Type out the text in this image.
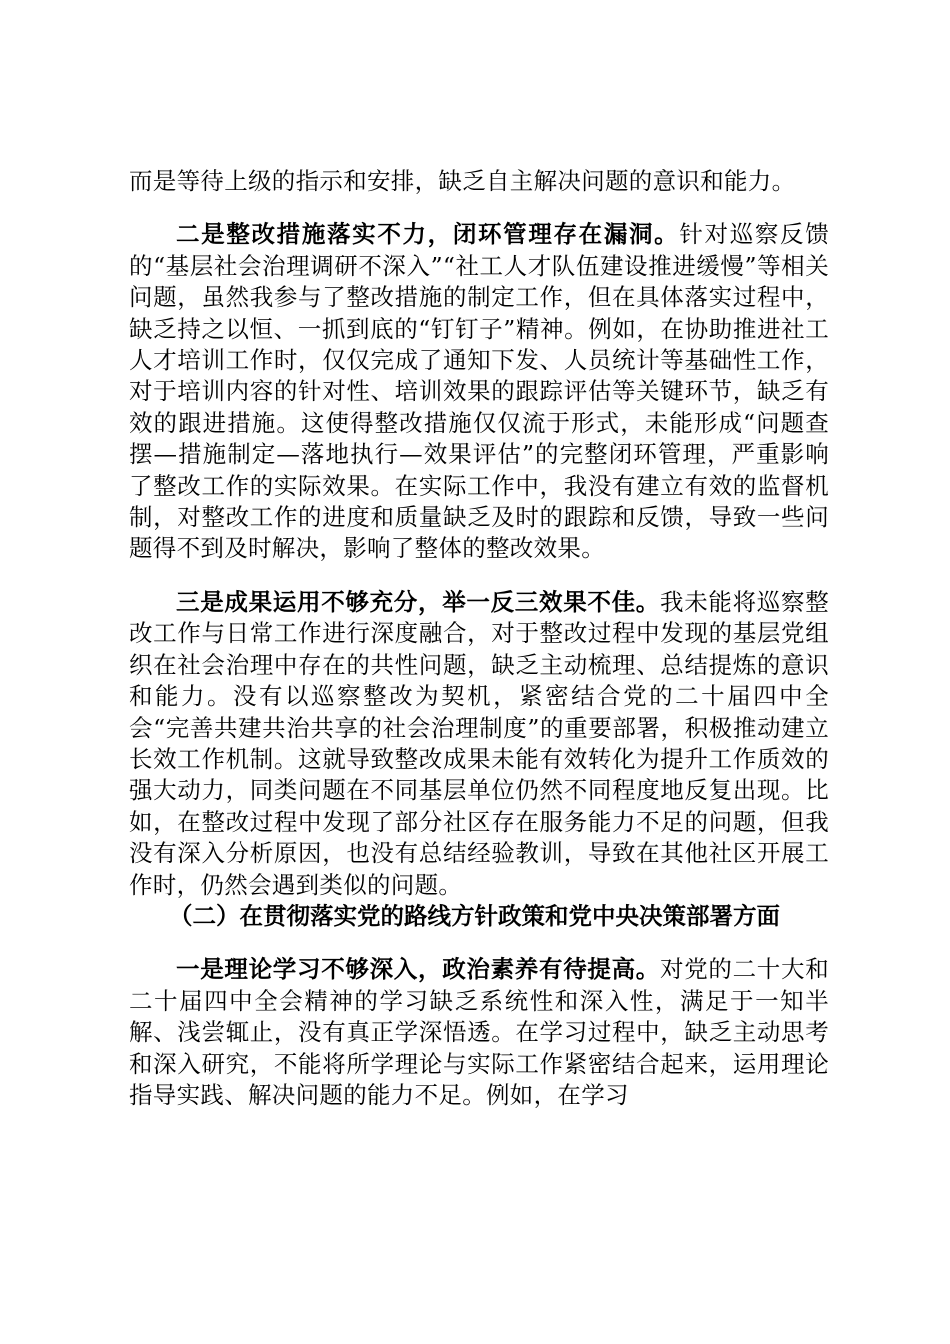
而是等待上级的指示和安排，缺乏自主解决问题的意识和能力。

二是整改措施落实不力，闭环管理存在漏洞。针对巡察反馈的“基层社会治理调研不深入”“社工人才队伍建设推进缓慢”等相关问题，虽然我参与了整改措施的制定工作，但在具体落实过程中，缺乏持之以恒、一抓到底的“钉钉子”精神。例如，在协助推进社工人才培训工作时，仅仅完成了通知下发、人员统计等基础性工作，对于培训内容的针对性、培训效果的跟踪评估等关键环节，缺乏有效的跟进措施。这使得整改措施仅仅流于形式，未能形成“问题查摆—措施制定—落地执行—效果评估”的完整闭环管理，严重影响了整改工作的实际效果。在实际工作中，我没有建立有效的监督机制，对整改工作的进度和质量缺乏及时的跟踪和反馈，导致一些问题得不到及时解决，影响了整体的整改效果。

三是成果运用不够充分，举一反三效果不佳。我未能将巡察整改工作与日常工作进行深度融合，对于整改过程中发现的基层党组织在社会治理中存在的共性问题，缺乏主动梳理、总结提炼的意识和能力。没有以巡察整改为契机，紧密结合党的二十届四中全会“完善共建共治共享的社会治理制度”的重要部署，积极推动建立长效工作机制。这就导致整改成果未能有效转化为提升工作质效的强大动力，同类问题在不同基层单位仍然不同程度地反复出现。比如，在整改过程中发现了部分社区存在服务能力不足的问题，但我没有深入分析原因，也没有总结经验教训，导致在其他社区开展工作时，仍然会遇到类似的问题。

（二）在贯彻落实党的路线方针政策和党中央决策部署方面

一是理论学习不够深入，政治素养有待提高。对党的二十大和二十届四中全会精神的学习缺乏系统性和深入性，满足于一知半解、浅尝辄止，没有真正学深悟透。在学习过程中，缺乏主动思考和深入研究，不能将所学理论与实际工作紧密结合起来，运用理论指导实践、解决问题的能力不足。例如，在学习
